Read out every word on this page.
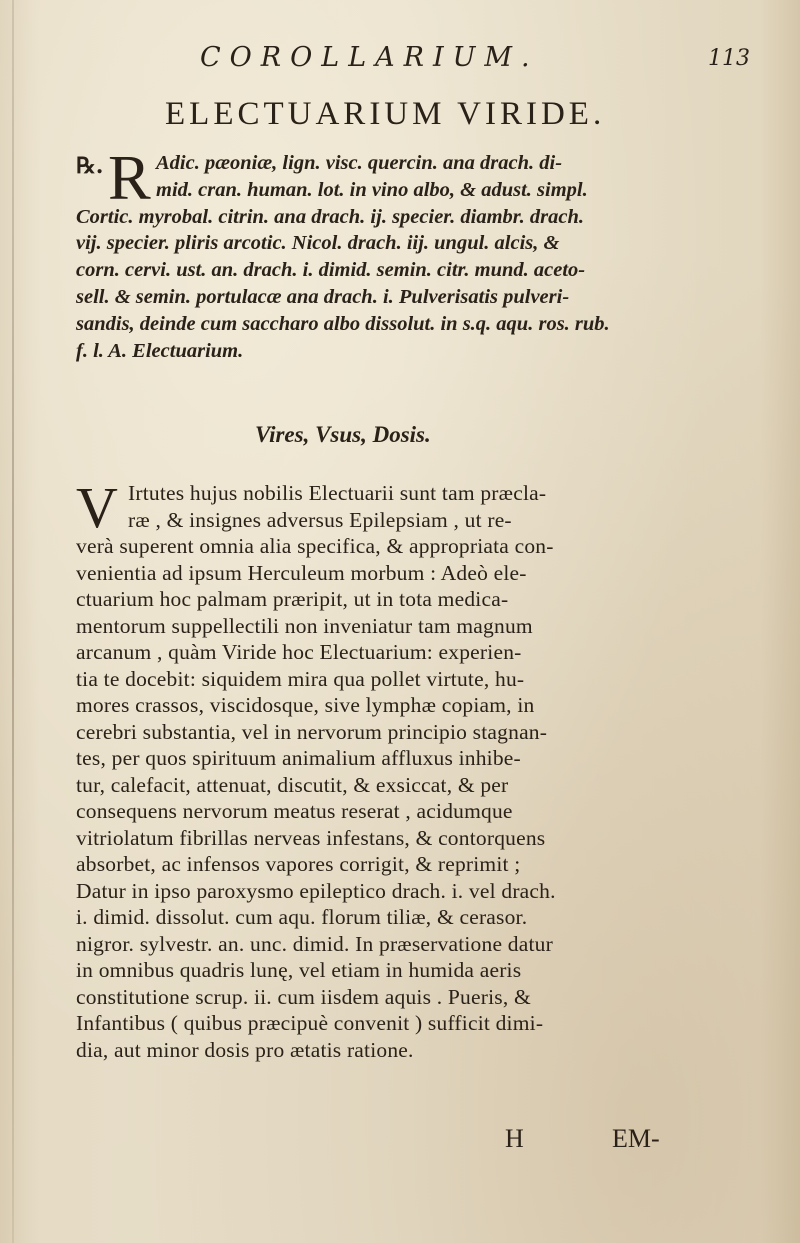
COROLLARIUM.	113
ELECTUARIUM VIRIDE.
℞. R Adic. pæoniæ, lign. visc. quercin. ana drach. di-
mid. cran. human. lot. in vino albo, & adust. simpl.
Cortic. myrobal. citrin. ana drach. ij. specier. diambr. drach.
vij. specier. pliris arcotic. Nicol. drach. iij. ungul. alcis, &
corn. cervi. ust. an. drach. i. dimid. semin. citr. mund. aceto-
sell. & semin. portulacæ ana drach. i. Pulverisatis pulveri-
sandis, deinde cum saccharo albo dissolut. in s.q. aqu. ros. rub.
f. l. A. Electuarium.
Vires, Vsus, Dosis.
V Irtutes hujus nobilis Electuarii sunt tam præcla-
ræ , & insignes adversus Epilepsiam , ut re-
verà superent omnia alia specifica, & appropriata con-
venientia ad ipsum Herculeum morbum : Adeò ele-
ctuarium hoc palmam præripit, ut in tota medica-
mentorum suppellectili non inveniatur tam magnum
arcanum , quàm Viride hoc Electuarium: experien-
tia te docebit: siquidem mira qua pollet virtute, hu-
mores crassos, viscidosque, sive lymphæ copiam, in
cerebri substantia, vel in nervorum principio stagnan-
tes, per quos spirituum animalium affluxus inhibe-
tur, calefacit, attenuat, discutit, & exsiccat, & per
consequens nervorum meatus reserat , acidumque
vitriolatum fibrillas nerveas infestans, & contorquens
absorbet, ac infensos vapores corrigit, & reprimit ;
Datur in ipso paroxysmo epileptico drach. i. vel drach.
i. dimid. dissolut. cum aqu. florum tiliæ, & cerasor.
nigror. sylvestr. an. unc. dimid. In præservatione datur
in omnibus quadris lunę, vel etiam in humida aeris
constitutione scrup. ii. cum iisdem aquis . Pueris, &
Infantibus ( quibus præcipuè convenit ) sufficit dimi-
dia, aut minor dosis pro ætatis ratione.
H	EM-
